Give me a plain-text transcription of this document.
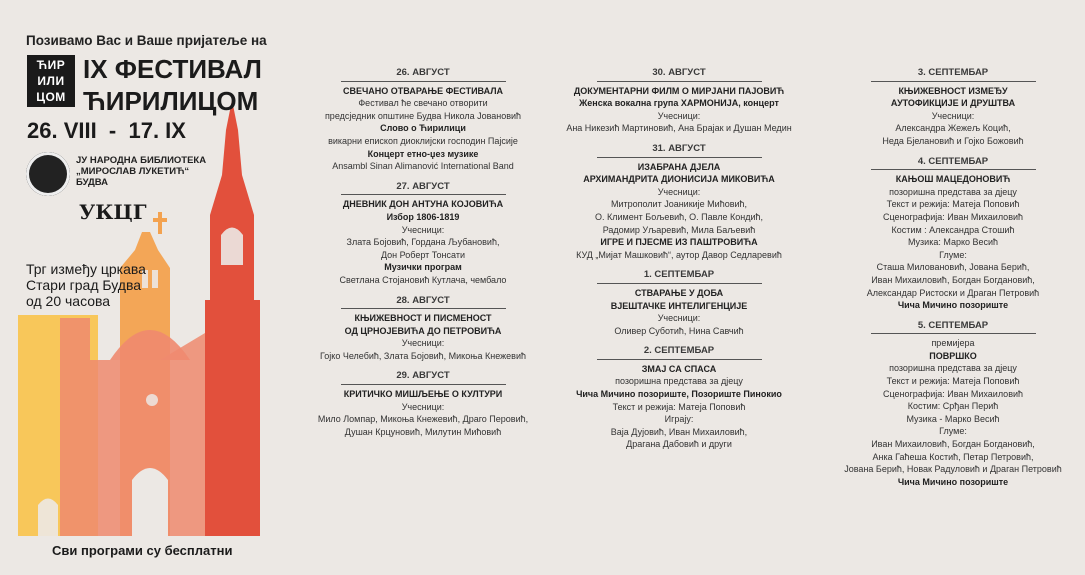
Позивамо Вас и Ваше пријатеље на
ЋИР
ИЛИ
ЦОМ
IX ФЕСТИВАЛ
ЋИРИЛИЦОМ
26. VIII  -  17. IX
ЈУ НАРОДНА БИБЛИОТЕКА
„МИРОСЛАВ ЛУКЕТИЋ“
БУДВА
УКЦГ
Трг између цркава
Стари град Будва
од 20 часова
Сви програми су бесплатни
26. АВГУСТ
СВЕЧАНО ОТВАРАЊЕ ФЕСТИВАЛА
Фестивал ће свечано отворити
предсједник општине Будва Никола Јовановић
Слово о Ћирилици
викарни епископ диоклијски господин Пајсије
Концерт етно-џез музике
Ansambl Sinan Alimanović International Band
27. АВГУСТ
ДНЕВНИК ДОН АНТУНА КОЈОВИЋА
Избор 1806-1819
Учесници:
Злата Бојовић, Гордана Љубановић,
Дон Роберт Тонсати
Музички програм
Светлана Стојановић Кутлача, чембало
28. АВГУСТ
КЊИЖЕВНОСТ И ПИСМЕНОСТ
ОД ЦРНОЈЕВИЋА ДО ПЕТРОВИЋА
Учесници:
Гојко Челебић, Злата Бојовић, Микоња Кнежевић
29. АВГУСТ
КРИТИЧКО МИШЉЕЊЕ О КУЛТУРИ
Учесници:
Мило Ломпар, Микоња Кнежевић, Драго Перовић,
Душан Крцуновић, Милутин Мићовић
30. АВГУСТ
ДОКУМЕНТАРНИ ФИЛМ О МИРЈАНИ ПАЈОВИЋ
Женска вокална група ХАРМОНИЈА, концерт
Учесници:
Ана Никезић Мартиновић, Ана Брајак и Душан Медин
31. АВГУСТ
ИЗАБРАНА ДЈЕЛА
АРХИМАНДРИТА ДИОНИСИЈА МИКОВИЋА
Учесници:
Митрополит Јоаникије Мићовић,
О. Климент Бољевић, О. Павле Кондић,
Радомир Уљаревић, Мила Баљевић
ИГРЕ И ПЈЕСМЕ ИЗ ПАШТРОВИЋА
КУД „Мијат Машковић“, аутор Давор Седларевић
1. СЕПТЕМБАР
СТВАРАЊЕ У ДОБА
ВЈЕШТАЧКЕ ИНТЕЛИГЕНЦИЈЕ
Учесници:
Оливер Суботић, Нина Савчић
2. СЕПТЕМБАР
ЗМАЈ СА СПАСА
позоришна представа за дјецу
Чича Мичино позориште, Позориште Пинокио
Текст и режија: Матеја Поповић
Играју:
Ваја Дујовић, Иван Михаиловић,
Драгана Дабовић и други
3. СЕПТЕМБАР
КЊИЖЕВНОСТ ИЗМЕЂУ
АУТОФИКЦИЈЕ И ДРУШТВА
Учесници:
Александра Жежељ Коцић,
Неда Бјелановић и Гојко Божовић
4. СЕПТЕМБАР
КАЊОШ МАЦЕДОНОВИЋ
позоришна представа за дјецу
Текст и режија: Матеја Поповић
Сценографија: Иван Михаиловић
Костим : Александра Стошић
Музика: Марко Весић
Глуме:
Сташа Миловановић, Јована Берић,
Иван Михаиловић, Богдан Богдановић,
Александар Ристоски и Драган Петровић
Чича Мичино позориште
5. СЕПТЕМБАР
премијера
ПОВРШКО
позоришна представа за дјецу
Текст и режија: Матеја Поповић
Сценографија: Иван Михаиловић
Костим: Срђан Перић
Музика - Марко Весић
Глуме:
Иван Михаиловић, Богдан Богдановић,
Анка Гаћеша Костић, Петар Петровић,
Јована Берић, Новак Радуловић и Драган Петровић
Чича Мичино позориште
